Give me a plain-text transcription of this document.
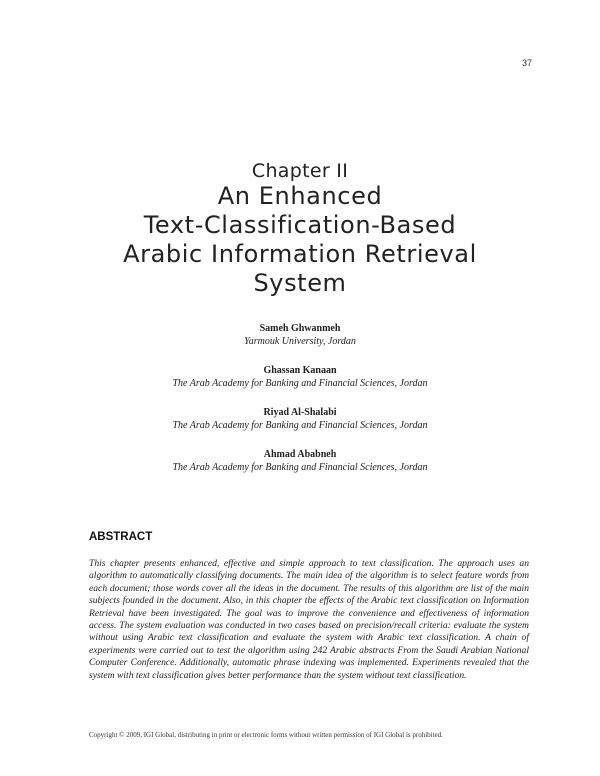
37
Chapter II
An Enhanced
Text-Classification-Based
Arabic Information Retrieval
System
Sameh Ghwanmeh
Yarmouk University, Jordan
Ghassan Kanaan
The Arab Academy for Banking and Financial Sciences, Jordan
Riyad Al-Shalabi
The Arab Academy for Banking and Financial Sciences, Jordan
Ahmad Ababneh
The Arab Academy for Banking and Financial Sciences, Jordan
ABSTRACT

This chapter presents enhanced, effective and simple approach to text classification. The approach uses an algorithm to automatically classifying documents. The main idea of the algorithm is to select feature words from each document; those words cover all the ideas in the document. The results of this algorithm are list of the main subjects founded in the document. Also, in this chapter the effects of the Arabic text classification on Information Retrieval have been investigated. The goal was to improve the convenience and effectiveness of information access. The system evaluation was conducted in two cases based on precision/recall criteria: evaluate the system without using Arabic text classification and evaluate the system with Arabic text classification. A chain of experiments were carried out to test the algorithm using 242 Arabic abstracts From the Saudi Arabian National Computer Conference. Additionally, automatic phrase indexing was implemented. Experiments revealed that the system with text classification gives better performance than the system without text classification.

Copyright © 2009, IGI Global, distributing in print or electronic forms without written permission of IGI Global is prohibited.
